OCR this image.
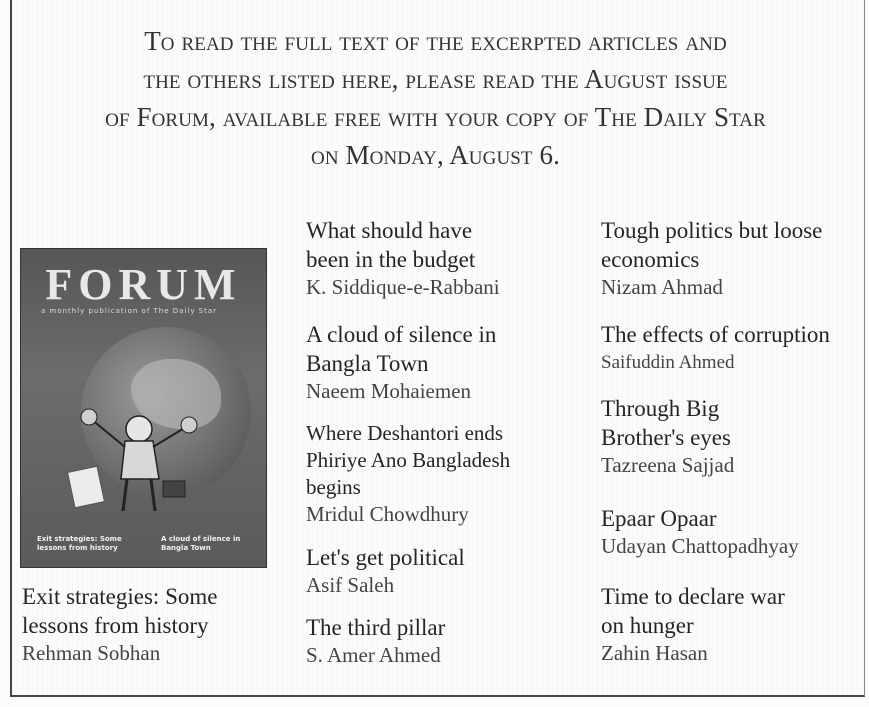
To read the full text of the excerpted articles and
the others listed here, please read the August issue
of Forum, available free with your copy of The Daily Star
on Monday, August 6.
FORUM
a monthly publication of The Daily Star
Exit strategies: Some lessons from history
A cloud of silence in Bangla Town
Exit strategies: Some
lessons from history
Rehman Sobhan
What should have
been in the budget
K. Siddique-e-Rabbani
A cloud of silence in
Bangla Town
Naeem Mohaiemen
Where Deshantori ends
Phiriye Ano Bangladesh
begins
Mridul Chowdhury
Let's get political
Asif Saleh
The third pillar
S. Amer Ahmed
Tough politics but loose
economics
Nizam Ahmad
The effects of corruption
Saifuddin Ahmed
Through Big
Brother's eyes
Tazreena Sajjad
Epaar Opaar
Udayan Chattopadhyay
Time to declare war
on hunger
Zahin Hasan
